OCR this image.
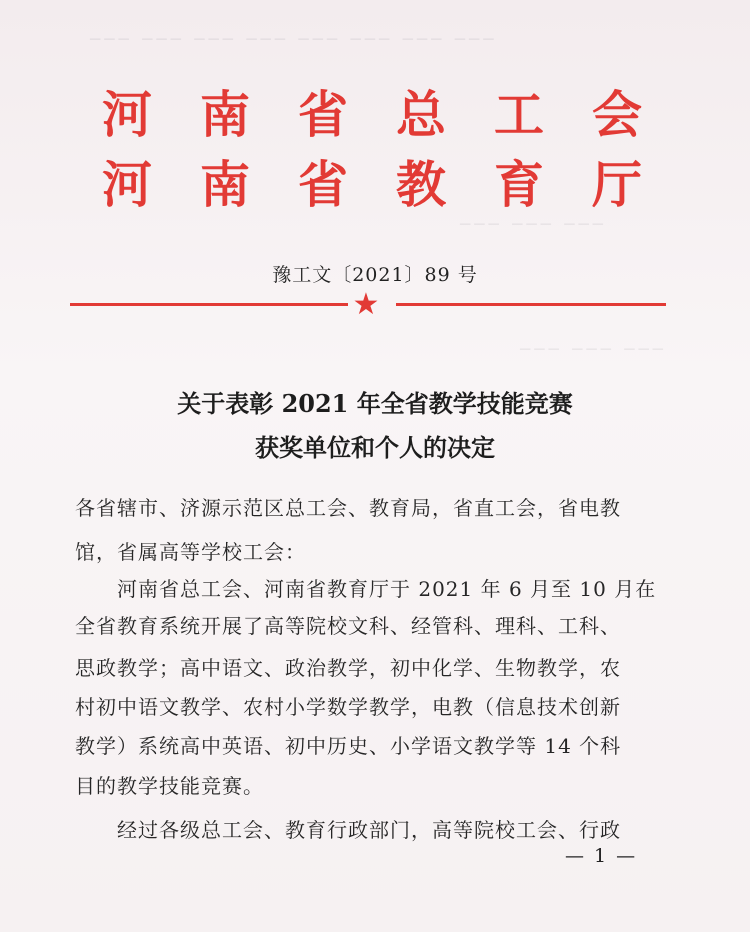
─── ─── ─── ─── ─── ─── ─── ───
─── ─── ───
─── ─── ───
河 南 省 总 工 会
河 南 省 教 育 厅
豫工文〔2021〕89 号
★
关于表彰 2021 年全省教学技能竞赛
获奖单位和个人的决定
各省辖市、济源示范区总工会、教育局，省直工会，省电教
馆，省属高等学校工会：
　　河南省总工会、河南省教育厅于 2021 年 6 月至 10 月在
全省教育系统开展了高等院校文科、经管科、理科、工科、
思政教学；高中语文、政治教学，初中化学、生物教学，农
村初中语文教学、农村小学数学教学，电教（信息技术创新
教学）系统高中英语、初中历史、小学语文教学等 14 个科
目的教学技能竞赛。
　　经过各级总工会、教育行政部门，高等院校工会、行政
— 1 —
